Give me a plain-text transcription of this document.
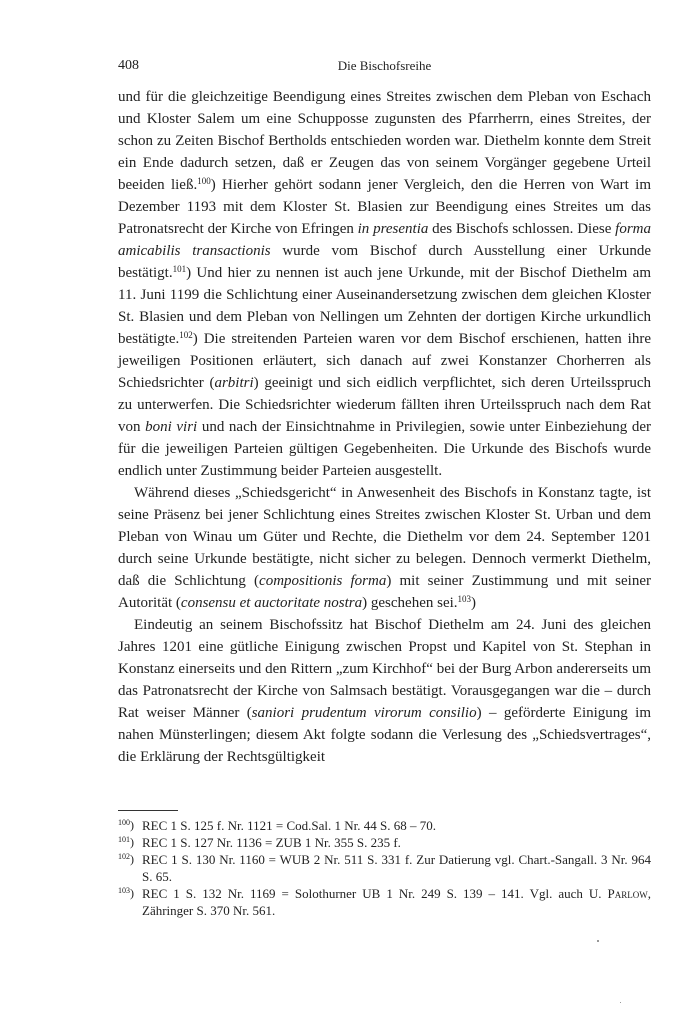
408	Die Bischofsreihe

und für die gleichzeitige Beendigung eines Streites zwischen dem Pleban von Eschach und Kloster Salem um eine Schupposse zugunsten des Pfarrherrn, eines Streites, der schon zu Zeiten Bischof Bertholds entschieden worden war. Diethelm konnte dem Streit ein Ende dadurch setzen, daß er Zeugen das von seinem Vorgänger gegebene Urteil beeiden ließ.$^{100}$) Hierher gehört sodann jener Vergleich, den die Herren von Wart im Dezember 1193 mit dem Kloster St. Blasien zur Beendigung eines Streites um das Patronatsrecht der Kirche von Efringen in presentia des Bischofs schlossen. Diese forma amicabilis transactionis wurde vom Bischof durch Ausstellung einer Urkunde bestätigt.$^{101}$) Und hier zu nennen ist auch jene Urkunde, mit der Bischof Diethelm am 11. Juni 1199 die Schlichtung einer Auseinandersetzung zwischen dem gleichen Kloster St. Blasien und dem Pleban von Nellingen um Zehnten der dortigen Kirche urkundlich bestätigte.$^{102}$) Die streitenden Parteien waren vor dem Bischof erschienen, hatten ihre jeweiligen Positionen erläutert, sich danach auf zwei Konstanzer Chorherren als Schiedsrichter (arbitri) geeinigt und sich eidlich verpflichtet, sich deren Urteilsspruch zu unterwerfen. Die Schiedsrichter wiederum fällten ihren Urteilsspruch nach dem Rat von boni viri und nach der Einsichtnahme in Privilegien, sowie unter Einbeziehung der für die jeweiligen Parteien gültigen Gegebenheiten. Die Urkunde des Bischofs wurde endlich unter Zustimmung beider Parteien ausgestellt.

Während dieses „Schiedsgericht“ in Anwesenheit des Bischofs in Konstanz tagte, ist seine Präsenz bei jener Schlichtung eines Streites zwischen Kloster St. Urban und dem Pleban von Winau um Güter und Rechte, die Diethelm vor dem 24. September 1201 durch seine Urkunde bestätigte, nicht sicher zu belegen. Dennoch vermerkt Diethelm, daß die Schlichtung (compositionis forma) mit seiner Zustimmung und mit seiner Autorität (consensu et auctoritate nostra) geschehen sei.$^{103}$)

Eindeutig an seinem Bischofssitz hat Bischof Diethelm am 24. Juni des gleichen Jahres 1201 eine gütliche Einigung zwischen Propst und Kapitel von St. Stephan in Konstanz einerseits und den Rittern „zum Kirchhof“ bei der Burg Arbon andererseits um das Patronatsrecht der Kirche von Salmsach bestätigt. Vorausgegangen war die – durch Rat weiser Männer (saniori prudentum virorum consilio) – geförderte Einigung im nahen Münsterlingen; diesem Akt folgte sodann die Verlesung des „Schiedsvertrages“, die Erklärung der Rechtsgültigkeit

$^{100}$) REC 1 S. 125 f. Nr. 1121 = Cod.Sal. 1 Nr. 44 S. 68 – 70.

$^{101}$) REC 1 S. 127 Nr. 1136 = ZUB 1 Nr. 355 S. 235 f.

$^{102}$) REC 1 S. 130 Nr. 1160 = WUB 2 Nr. 511 S. 331 f. Zur Datierung vgl. Chart.-Sangall. 3 Nr. 964 S. 65.

$^{103}$) REC 1 S. 132 Nr. 1169 = Solothurner UB 1 Nr. 249 S. 139 – 141. Vgl. auch U. Parlow, Zähringer S. 370 Nr. 561.
